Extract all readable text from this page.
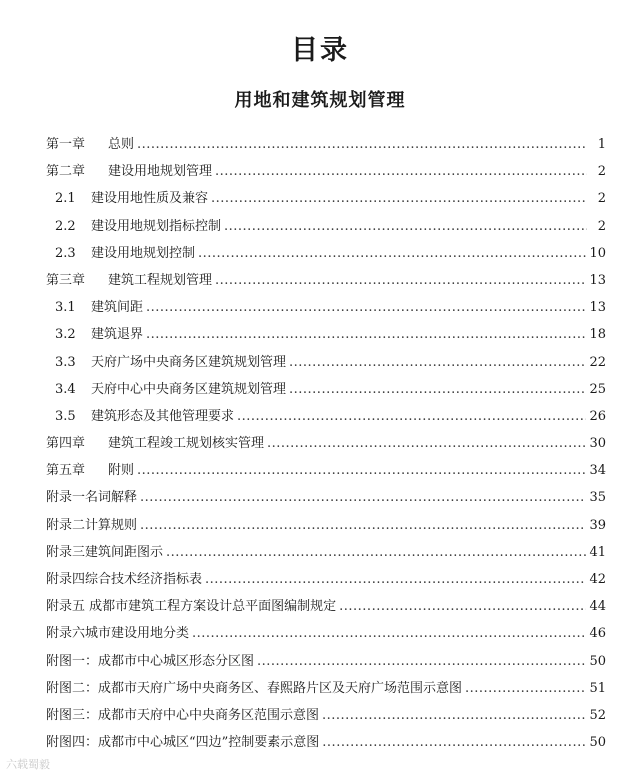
目录
用地和建筑规划管理
第一章	总则 .....	1
第二章	建设用地规划管理 .....	2
2.1	建设用地性质及兼容 .....	2
2.2	建设用地规划指标控制 .....	2
2.3	建设用地规划控制 .....	10
第三章	建筑工程规划管理 .....	13
3.1	建筑间距 .....	13
3.2	建筑退界 .....	18
3.3	天府广场中央商务区建筑规划管理 .....	22
3.4	天府中心中央商务区建筑规划管理 .....	25
3.5	建筑形态及其他管理要求 .....	26
第四章	建筑工程竣工规划核实管理 .....	30
第五章	附则 .....	34
附录一名词解释 .....	35
附录二计算规则 .....	39
附录三建筑间距图示 .....	41
附录四综合技术经济指标表 .....	42
附录五 成都市建筑工程方案设计总平面图编制规定 .....	44
附录六城市建设用地分类 .....	46
附图一：成都市中心城区形态分区图 .....	50
附图二：成都市天府广场中央商务区、春熙路片区及天府广场范围示意图 .....	51
附图三：成都市天府中心中央商务区范围示意图 .....	52
附图四：成都市中心城区“四边”控制要素示意图 .....	50
六载蜀毅
